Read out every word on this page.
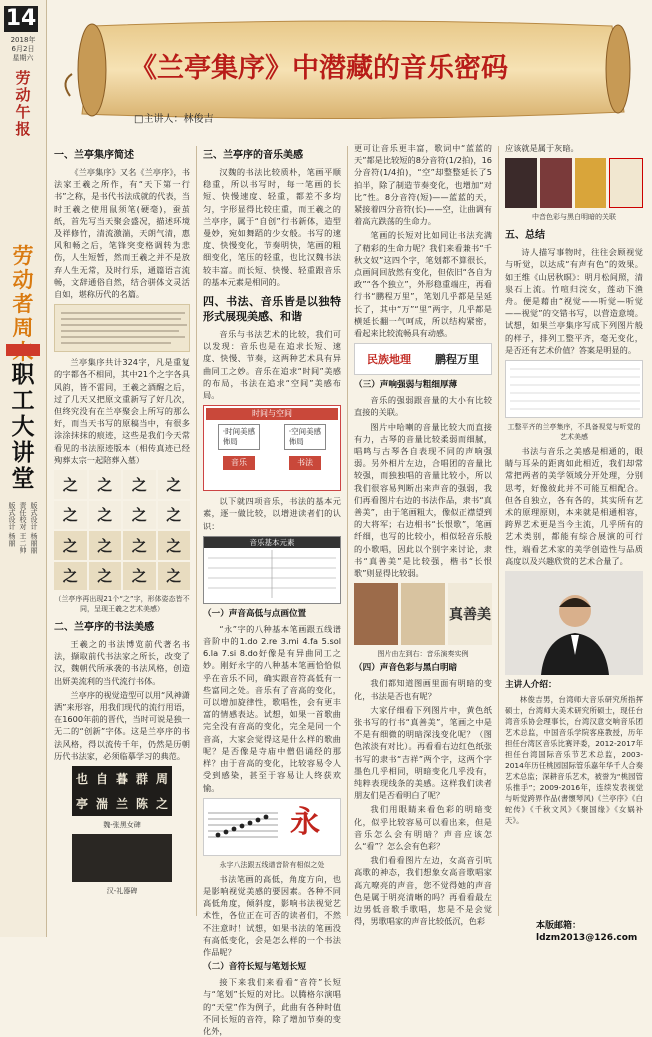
14
2018年
6月2日
星期六
劳动午报
劳动者周
职工大讲堂
版式设计 杨丽丽
责任校对 王二帅
版式设计 杨丽
《兰亭集序》中潜藏的音乐密码
□主讲人：林俊吉
一、兰亭集序简述

《兰亭集序》又名《兰亭序》，书法家王羲之所作，有“天下第一行书”之称，是书代书法成就的代表，当时王羲之使用鼠须笔(硬毫)，蚕茧纸，首先写当天聚会盛况，描述环境及祥修竹，清流激湍，天朗气清，惠风和畅之后，笔锋突变格调转为悲伤，人生短暂，然而王羲之并不是放弃人生无常，及时行乐，通篇语言流畅，文辞通俗自然，结合骈体文灵活自如，堪称历代的名篇。

兰亭集序共计324字，凡是重复的字都各不相同，其中21个之字各具风韵，皆不雷同，王羲之酒醒之后，过了几天又把原文重新写了好几次，但终究没有在兰亭聚会上所写的那么好，而当天书写的原稿当中，有很多涂涂抹抹的痕迹，这些是我们今天常看见的书法原迹版本（相传真迹已经殉葬太宗一起陪葬入墓）

之	之	之	之
之	之	之	之
之	之	之	之
之	之	之	之
（兰亭序再出现21个“之”字，形体姿态皆不同，呈现王羲之艺术美感）
二、兰亭序的书法美感

王羲之的书法博览前代著名书法，撷取前代书法家之所长，改变了汉，魏朝代所承袭的书法风格，创造出妍美流利的当代流行书体。

兰亭序的视觉造型可以用“风神潇洒”来形容，用我们现代的流行用语，在1600年前的晋代，当时可说是独一无二的“创新”字体。这是兰亭序的书法风格，得以流传千年，仍然是历朝历代书法家，必须临摹学习的典范。

也 自 暮 群 周
亭 湍 兰 陈 之
魏-张黑女碑
汉-礼器碑
三、兰亭序的音乐美感

汉魏的书法比较质朴，笔画平顺稳重，所以书写时，每一笔画的长短、快慢速度、轻重，都差不多均匀，字形显得比较庄重，而王羲之的兰亭序，属于“自创”行书新体，造型曼妙，宛如舞蹈的少女般。书写的速度、快慢变化，节奏明快，笔画的粗细变化，笔压的轻重，也比汉魏书法较丰富。而长短、快慢、轻重跟音乐的基本元素是相同的。

四、书法、音乐皆是以独特形式展现美感、和谐

音乐与书法艺术的比较，我们可以发现：音乐也是在追求长短、速度、快慢、节奏，这两种艺术具有异曲同工之妙。音乐在追求“时间”美感的布局，书法在追求“空间”美感布局。

时间与空间
·时间美感
佈局
·空间美感
佈局
音乐	书法

以下就四项音乐，书法的基本元素，逐一做比较，以增进读者们的认识：

音乐基本元素
（一）声音高低与点画位置

“永”字的八种基本笔画跟五线谱音阶中的1.do 2.re 3.mi 4.fa 5.sol 6.la 7.si 8.do好像是有异曲同工之妙。刚好永字的八种基本笔画恰恰似乎在音乐不同，确实跟音符高低有一些富同之处。音乐有了音高的变化，可以增加旋律性，歌唱性，会有更丰富的情感表达。试想，如果一首歌曲完全没有音高的变化，完全是同一个音高，大家会觉得这是什么样的歌曲呢？是否像是寺庙中僧侣诵经的那样？由于音高的变化，比较容易令人受到感染，甚至于容易让人终获欢愉。

永
永字八法跟五线谱音阶有相似之处

书法笔画的高低，角度方向，也是影响视觉美感的要因素。各种不同高低角度，倾斜度，影响书法视觉艺术性，各位正在可否的读者们，不然不注意时！试想，如果书法的笔画没有高低变化，会是怎么样的一个书法作品呢？

（二）音符长短与笔划长短

接下来我们来看看“音符”长短与“笔划”长短的对比。以腾格尔演唱的“天堂”作为例子，此曲有各种时值不同长短的音符，除了增加节奏的变化外，

更可让音乐更丰富，歌词中“蓝蓝的天”都是比较短的8分音符(1/2拍)，16分音符(1/4拍)，“空”却整整延长了5拍半，除了制造节奏变化，也增加“对比”性。8分音符(短)——蓝蓝的天，紧接着四分音符(长)——空，让曲调有着高亢跌荡的生命力。

笔画的长短对比如同让书法充满了精彩的生命力呢？我们来看兼书“千秋文奴”这四个字，笔划都不算很长，点画间回放然有变化，但依旧“各自为政”“各个独立”，外形稳重端庄，再看行书“鹏程万里”，笔划几乎都是呈延长了，其中“万”“里”两字，几乎都是横延长翻一气呵成，所以结构紧密，看起来比较流畅具有动感。

民族地理 鹏程万里
（三）声响强弱与粗细厚薄

音乐的强弱跟音量的大小有比较直接的关联。

图片中哈喇的音量比较大而直接有力，古琴的音量比较柔弱而细腻，唱鸣与古琴各自表现不同的声响强弱。另外相片左边，合唱团的音量比较强，而独独唱的音量比较小，所以我们很容易判断出来声音的强弱，我们再看图片右边的书法作品，隶书“真善美”，由于笔画粗大，像似正襟望到的大将军；右边相书“长恨歌”，笔画纤细，也写的比较小，相似轻音乐般的小歌唱，因此以个别字来讨论，隶书“真善美”是比较强，楷书“长恨歌”则显得比较弱。

真善美
图片由左到右：音乐演奏实例
（四）声音色彩与黑白明暗

我们都知道图画里面有明暗的变化，书法是否也有呢？

大家仔细看下列图片中，黄色纸张书写的行书“真善美”，笔画之中是不是有细微的明暗深浅变化呢？（图色浓淡有对比）。再看看右边红色纸张书写的隶书“吉祥”两个字，这两个字墨色几乎相同，明暗变化几乎没有，纯粹表现线条的美感。这样我们读者朋友们是否看明白了呢？

我们用眼睛来看色彩的明暗变化，似乎比较容易可以看出来，但是音乐怎么会有明暗？声音应该怎么“看”？怎么会有色彩？

我们看看图片左边，女高音引吭高歌的神态，我们想象女高音歌唱家高亢嘹亮的声音，您不觉得她的声音色是属于明亮清晰的吗？再看看最左边男低音歌手歌唱，您是不是会觉得，男歌唱家的声音比较低沉，色彩

应该就是属于灰暗。

中音色彩与黑白明暗的关联
五、总结

诗人描写事物时，往往会顾视觉与听觉，以达成“有声有色”的效果。如王维《山居秋暝》：明月松间照，清泉石上流。竹喧归浣女，莲动下渔舟。便是藉由“视觉——听觉—听觉——视觉”的交错书写，以营造意境。试想，如果兰亭集序写成下列图片般的样子，排列工整平齐，毫无变化，是否还有艺术价值？答案是明显的。

工整平齐的兰亭集序，不具备视觉与听觉的艺术美感

书法与音乐之美感是相通的，眼睛与耳朵的距离如此相近，我们却常常把两者的美学领域分开处理，分别思考，好像彼此并不可能互相配合。但各自独立，各有各的，其实所有艺术的原理原则，本来就是相通相容，跨界艺术更是当今主流，几乎所有的艺术类别，都能有综合展演的可行性，端看艺术家的美学创造性与品质高度以及兴趣欣赏的艺术合量了。

主讲人介绍：

林俊吉男，台湾师大音乐研究所指挥硕士，台湾师大美术研究所硕士，现任台湾音乐协会理事长，台湾汉意交响音乐团艺术总监，中国音乐学院客座教授，历年担任台湾区音乐比赛评委，2012-2017年担任台湾国际音乐节艺术总监，2003-2014年历任桃园国际管乐嘉年华千人合奏艺术总监；深耕音乐艺术，被誉为“桃园管乐推手”；2009-2016年，连续发表视觉与听觉跨界作品(書懷琴风)《兰亭序》《白蛇传》《千秋文风》《聚国缘》《女娲补天》。

本版邮箱：ldzm2013@126.com
